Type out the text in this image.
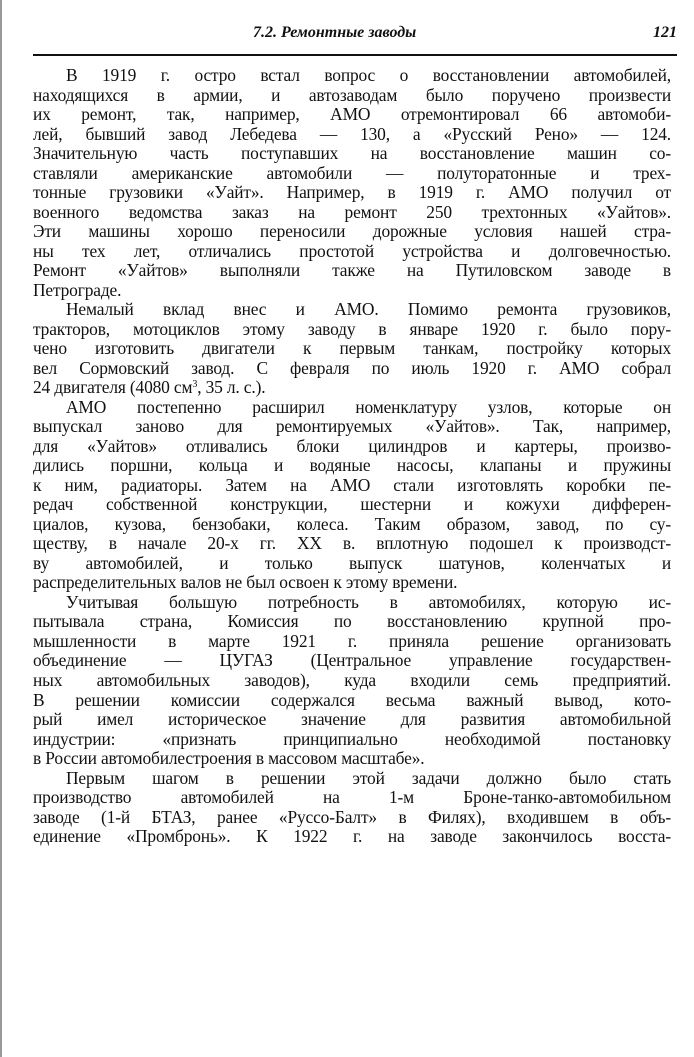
7.2. Ремонтные заводы	121
В 1919 г. остро встал вопрос о восстановлении автомобилей,
находящихся в армии, и автозаводам было поручено произвести
их ремонт, так, например, АМО отремонтировал 66 автомоби-
лей, бывший завод Лебедева — 130, а «Русский Рено» — 124.
Значительную часть поступавших на восстановление машин со-
ставляли американские автомобили — полуторатонные и трех-
тонные грузовики «Уайт». Например, в 1919 г. АМО получил от
военного ведомства заказ на ремонт 250 трехтонных «Уайтов».
Эти машины хорошо переносили дорожные условия нашей стра-
ны тех лет, отличались простотой устройства и долговечностью.
Ремонт «Уайтов» выполняли также на Путиловском заводе в
Петрограде.
Немалый вклад внес и АМО. Помимо ремонта грузовиков,
тракторов, мотоциклов этому заводу в январе 1920 г. было пору-
чено изготовить двигатели к первым танкам, постройку которых
вел Сормовский завод. С февраля по июль 1920 г. АМО собрал
24 двигателя (4080 $см^3$, 35 л. с.).
АМО постепенно расширил номенклатуру узлов, которые он
выпускал заново для ремонтируемых «Уайтов». Так, например,
для «Уайтов» отливались блоки цилиндров и картеры, произво-
дились поршни, кольца и водяные насосы, клапаны и пружины
к ним, радиаторы. Затем на АМО стали изготовлять коробки пе-
редач собственной конструкции, шестерни и кожухи дифферен-
циалов, кузова, бензобаки, колеса. Таким образом, завод, по су-
ществу, в начале 20-х гг. XX в. вплотную подошел к производст-
ву автомобилей, и только выпуск шатунов, коленчатых и
распределительных валов не был освоен к этому времени.
Учитывая большую потребность в автомобилях, которую ис-
пытывала страна, Комиссия по восстановлению крупной про-
мышленности в марте 1921 г. приняла решение организовать
объединение — ЦУГАЗ (Центральное управление государствен-
ных автомобильных заводов), куда входили семь предприятий.
В решении комиссии содержался весьма важный вывод, кото-
рый имел историческое значение для развития автомобильной
индустрии: «признать принципиально необходимой постановку
в России автомобилестроения в массовом масштабе».
Первым шагом в решении этой задачи должно было стать
производство автомобилей на 1-м Броне-танко-автомобильном
заводе (1-й БТАЗ, ранее «Руссо-Балт» в Филях), входившем в объ-
единение «Промбронь». К 1922 г. на заводе закончилось восста-
